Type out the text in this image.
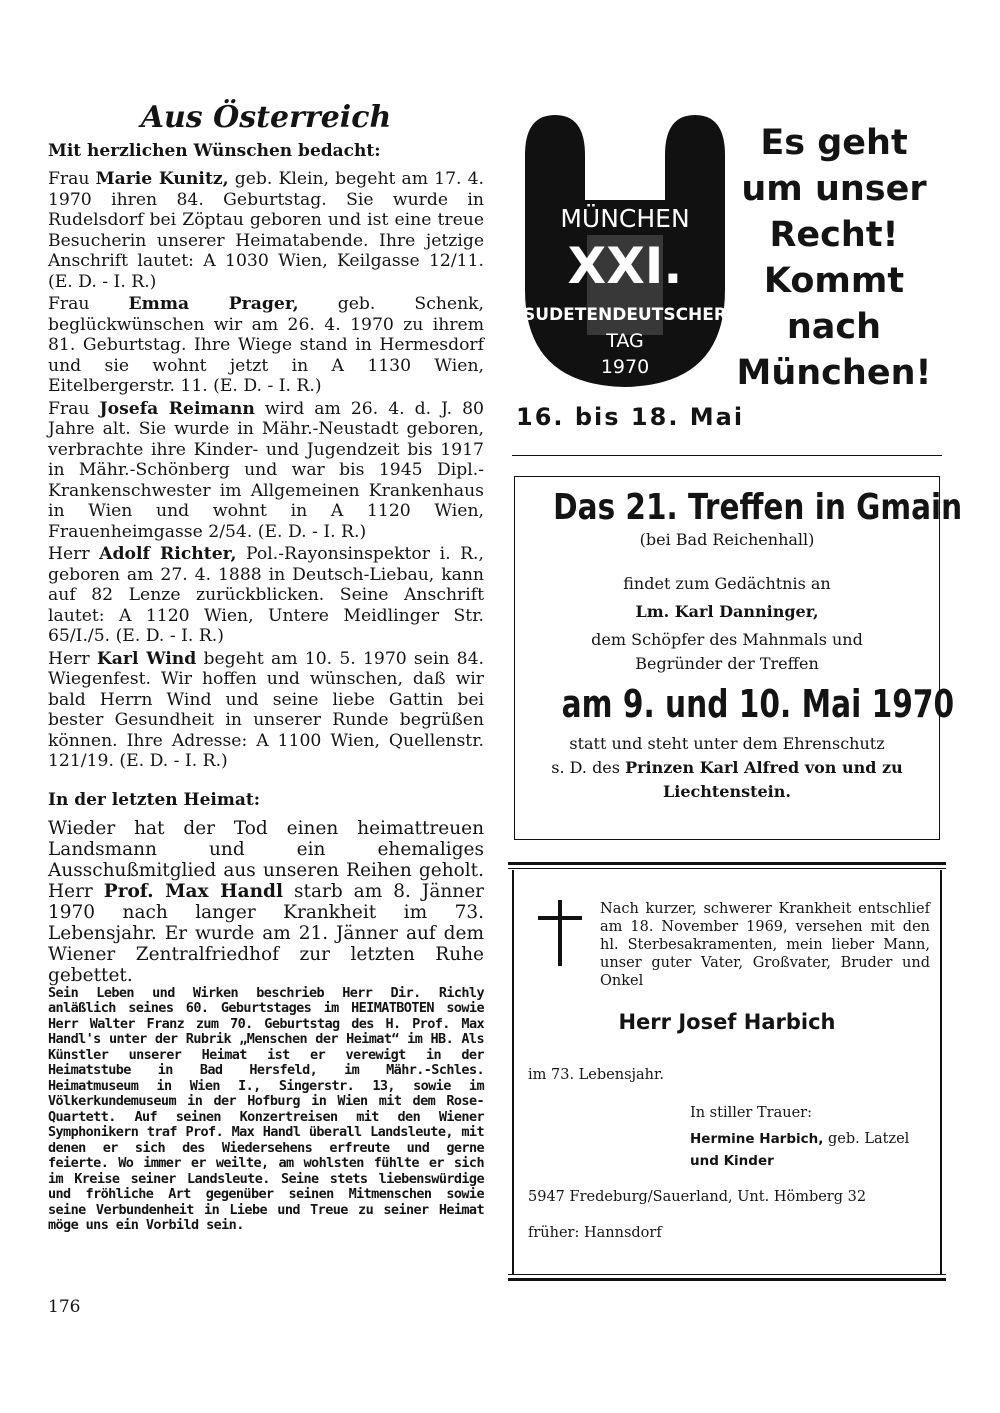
Aus Österreich
Mit herzlichen Wünschen bedacht:
Frau Marie Kunitz, geb. Klein, begeht am 17. 4. 1970 ihren 84. Geburtstag. Sie wurde in Rudelsdorf bei Zöptau geboren und ist eine treue Besucherin unserer Heimatabende. Ihre jetzige Anschrift lautet: A 1030 Wien, Keilgasse 12/11. (E. D. - I. R.)
Frau Emma Prager, geb. Schenk, beglückwünschen wir am 26. 4. 1970 zu ihrem 81. Geburtstag. Ihre Wiege stand in Hermesdorf und sie wohnt jetzt in A 1130 Wien, Eitelbergerstr. 11. (E. D. - I. R.)
Frau Josefa Reimann wird am 26. 4. d. J. 80 Jahre alt. Sie wurde in Mähr.-Neustadt geboren, verbrachte ihre Kinder- und Jugendzeit bis 1917 in Mähr.-Schönberg und war bis 1945 Dipl.-Krankenschwester im Allgemeinen Krankenhaus in Wien und wohnt in A 1120 Wien, Frauenheimgasse 2/54. (E. D. - I. R.)
Herr Adolf Richter, Pol.-Rayonsinspektor i. R., geboren am 27. 4. 1888 in Deutsch-Liebau, kann auf 82 Lenze zurückblicken. Seine Anschrift lautet: A 1120 Wien, Untere Meidlinger Str. 65/I./5. (E. D. - I. R.)
Herr Karl Wind begeht am 10. 5. 1970 sein 84. Wiegenfest. Wir hoffen und wünschen, daß wir bald Herrn Wind und seine liebe Gattin bei bester Gesundheit in unserer Runde begrüßen können. Ihre Adresse: A 1100 Wien, Quellenstr. 121/19. (E. D. - I. R.)
In der letzten Heimat:
Wieder hat der Tod einen heimattreuen Landsmann und ein ehemaliges Ausschußmitglied aus unseren Reihen geholt. Herr Prof. Max Handl starb am 8. Jänner 1970 nach langer Krankheit im 73. Lebensjahr. Er wurde am 21. Jänner auf dem Wiener Zentralfriedhof zur letzten Ruhe gebettet.
Sein Leben und Wirken beschrieb Herr Dir. Richly anläßlich seines 60. Geburtstages im HEIMATBOTEN sowie Herr Walter Franz zum 70. Geburtstag des H. Prof. Max Handl's unter der Rubrik „Menschen der Heimat“ im HB. Als Künstler unserer Heimat ist er verewigt in der Heimatstube in Bad Hersfeld, im Mähr.-Schles. Heimatmuseum in Wien I., Singerstr. 13, sowie im Völkerkundemuseum in der Hofburg in Wien mit dem Rose-Quartett. Auf seinen Konzertreisen mit den Wiener Symphonikern traf Prof. Max Handl überall Landsleute, mit denen er sich des Wiedersehens erfreute und gerne feierte. Wo immer er weilte, am wohlsten fühlte er sich im Kreise seiner Landsleute. Seine stets liebenswürdige und fröhliche Art gegenüber seinen Mitmenschen sowie seine Verbundenheit in Liebe und Treue zu seiner Heimat möge uns ein Vorbild sein.
176
MÜNCHEN
XXI.
SUDETENDEUTSCHER
TAG
1970
Es geht
um unser
Recht!
Kommt
nach
München!
16. bis 18. Mai
Das 21. Treffen in Gmain
(bei Bad Reichenhall)
findet zum Gedächtnis an
Lm. Karl Danninger,
dem Schöpfer des Mahnmals und
Begründer der Treffen
am 9. und 10. Mai 1970
statt und steht unter dem Ehrenschutz
s. D. des Prinzen Karl Alfred von und zu
Liechtenstein.
Nach kurzer, schwerer Krankheit entschlief am 18. November 1969, versehen mit den hl. Sterbesakramenten, mein lieber Mann, unser guter Vater, Großvater, Bruder und Onkel
Herr Josef Harbich
im 73. Lebensjahr.
In stiller Trauer:
Hermine Harbich, geb. Latzel
und Kinder
5947 Fredeburg/Sauerland, Unt. Hömberg 32
früher: Hannsdorf
